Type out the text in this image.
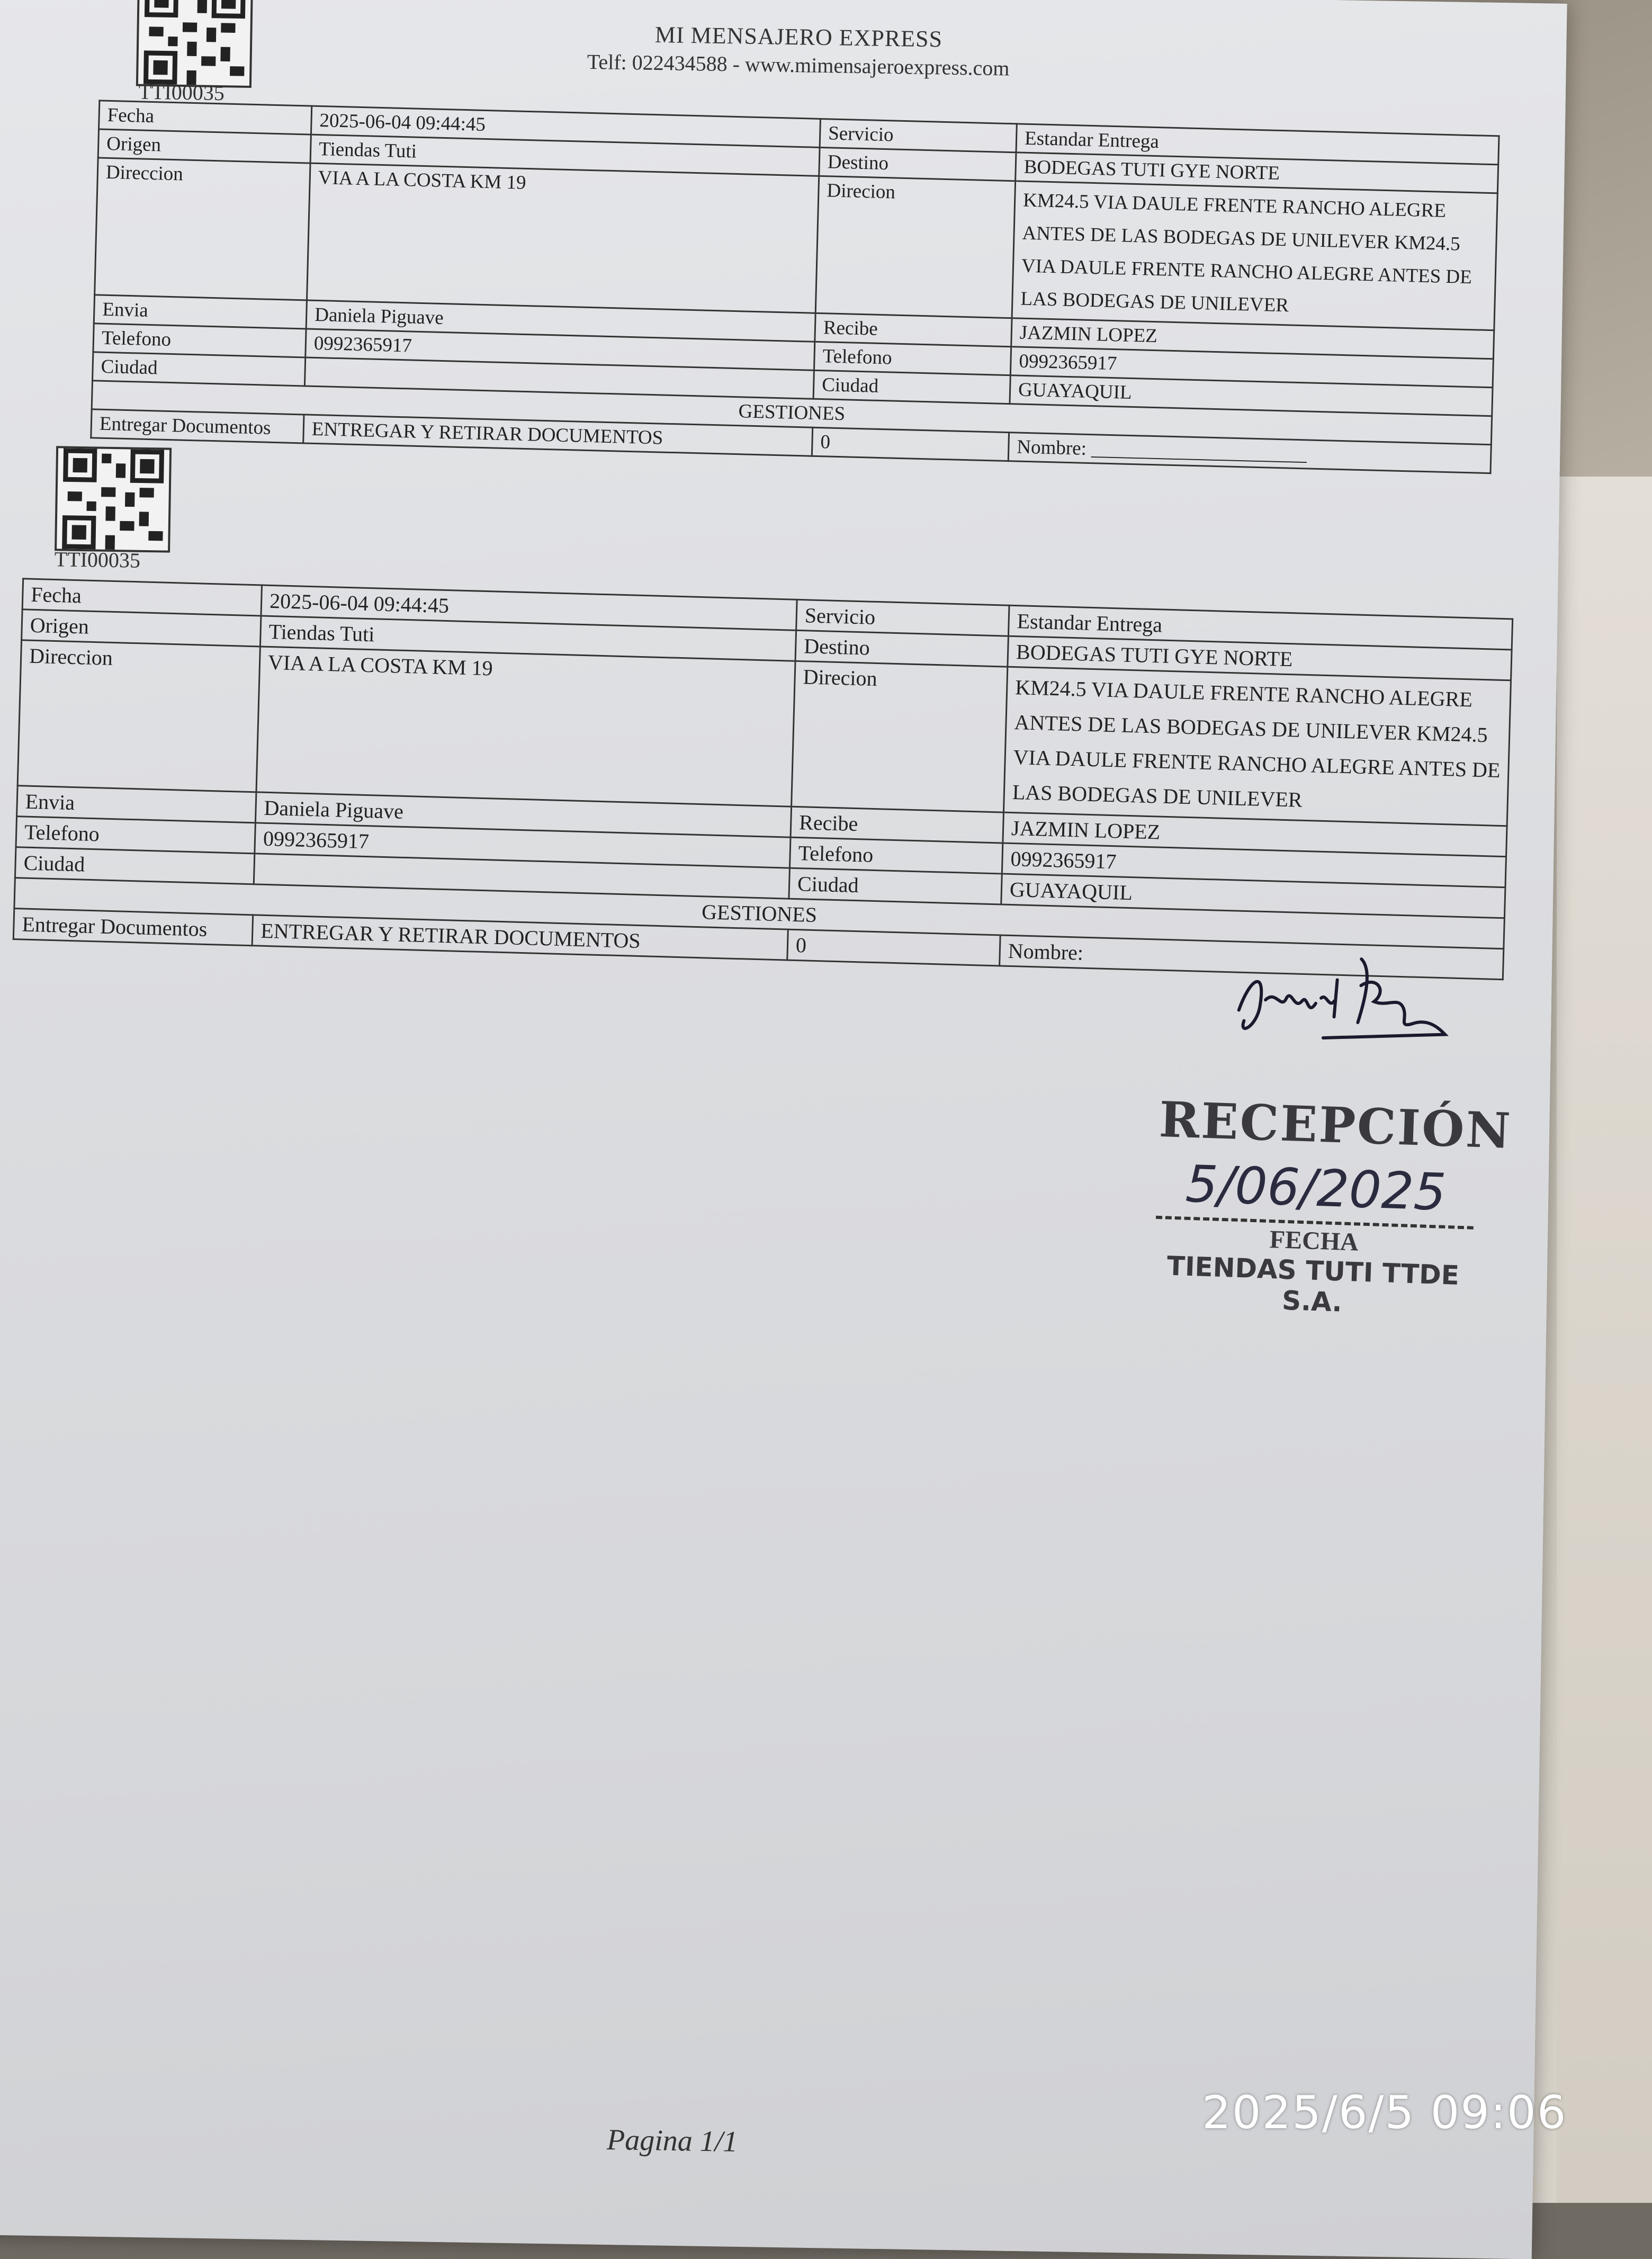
MI MENSAJERO EXPRESS
Telf: 022434588 - www.mimensajeroexpress.com
TTI00035
Fecha	2025-06-04 09:44:45	Servicio	Estandar Entrega
Origen	Tiendas Tuti	Destino	BODEGAS TUTI GYE NORTE
Direccion	VIA A LA COSTA KM 19	Direcion	KM24.5 VIA DAULE FRENTE RANCHO ALEGRE ANTES DE LAS BODEGAS DE UNILEVER KM24.5 VIA DAULE FRENTE RANCHO ALEGRE ANTES DE LAS BODEGAS DE UNILEVER
Envia	Daniela Piguave	Recibe	JAZMIN LOPEZ
Telefono	0992365917	Telefono	0992365917
Ciudad		Ciudad	GUAYAQUIL
GESTIONES			
Entregar Documentos	ENTREGAR Y RETIRAR DOCUMENTOS	0	Nombre: ______________________
TTI00035
Fecha	2025-06-04 09:44:45	Servicio	Estandar Entrega
Origen	Tiendas Tuti	Destino	BODEGAS TUTI GYE NORTE
Direccion	VIA A LA COSTA KM 19	Direcion	KM24.5 VIA DAULE FRENTE RANCHO ALEGRE ANTES DE LAS BODEGAS DE UNILEVER KM24.5 VIA DAULE FRENTE RANCHO ALEGRE ANTES DE LAS BODEGAS DE UNILEVER
Envia	Daniela Piguave	Recibe	JAZMIN LOPEZ
Telefono	0992365917	Telefono	0992365917
Ciudad		Ciudad	GUAYAQUIL
GESTIONES			
Entregar Documentos	ENTREGAR Y RETIRAR DOCUMENTOS	0	Nombre:
RECEPCIÓN
5/06/2025
FECHA
TIENDAS TUTI TTDE S.A.
Pagina 1/1
2025/6/5 09:06
